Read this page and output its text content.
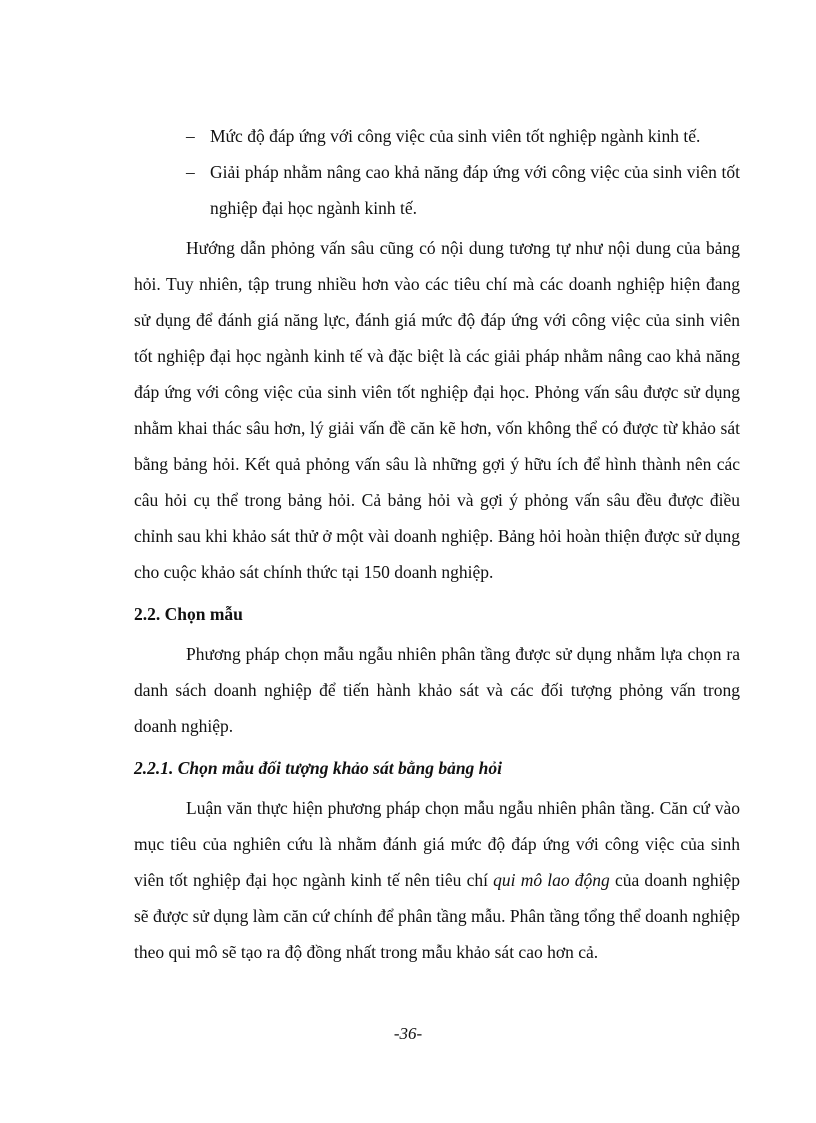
– Mức độ đáp ứng với công việc của sinh viên tốt nghiệp ngành kinh tế.
– Giải pháp nhằm nâng cao khả năng đáp ứng với công việc của sinh viên tốt nghiệp đại học ngành kinh tế.

Hướng dẫn phỏng vấn sâu cũng có nội dung tương tự như nội dung của bảng hỏi. Tuy nhiên, tập trung nhiều hơn vào các tiêu chí mà các doanh nghiệp hiện đang sử dụng để đánh giá năng lực, đánh giá mức độ đáp ứng với công việc của sinh viên tốt nghiệp đại học ngành kinh tế và đặc biệt là các giải pháp nhằm nâng cao khả năng đáp ứng với công việc của sinh viên tốt nghiệp đại học. Phỏng vấn sâu được sử dụng nhằm khai thác sâu hơn, lý giải vấn đề căn kẽ hơn, vốn không thể có được từ khảo sát bằng bảng hỏi. Kết quả phỏng vấn sâu là những gợi ý hữu ích để hình thành nên các câu hỏi cụ thể trong bảng hỏi. Cả bảng hỏi và gợi ý phỏng vấn sâu đều được điều chỉnh sau khi khảo sát thử ở một vài doanh nghiệp. Bảng hỏi hoàn thiện được sử dụng cho cuộc khảo sát chính thức tại 150 doanh nghiệp.

2.2. Chọn mẫu

Phương pháp chọn mẫu ngẫu nhiên phân tầng được sử dụng nhằm lựa chọn ra danh sách doanh nghiệp để tiến hành khảo sát và các đối tượng phỏng vấn trong doanh nghiệp.

2.2.1. Chọn mẫu đối tượng khảo sát bằng bảng hỏi

Luận văn thực hiện phương pháp chọn mẫu ngẫu nhiên phân tầng. Căn cứ vào mục tiêu của nghiên cứu là nhằm đánh giá mức độ đáp ứng với công việc của sinh viên tốt nghiệp đại học ngành kinh tế nên tiêu chí qui mô lao động của doanh nghiệp sẽ được sử dụng làm căn cứ chính để phân tầng mẫu. Phân tầng tổng thể doanh nghiệp theo qui mô sẽ tạo ra độ đồng nhất trong mẫu khảo sát cao hơn cả.

-36-
